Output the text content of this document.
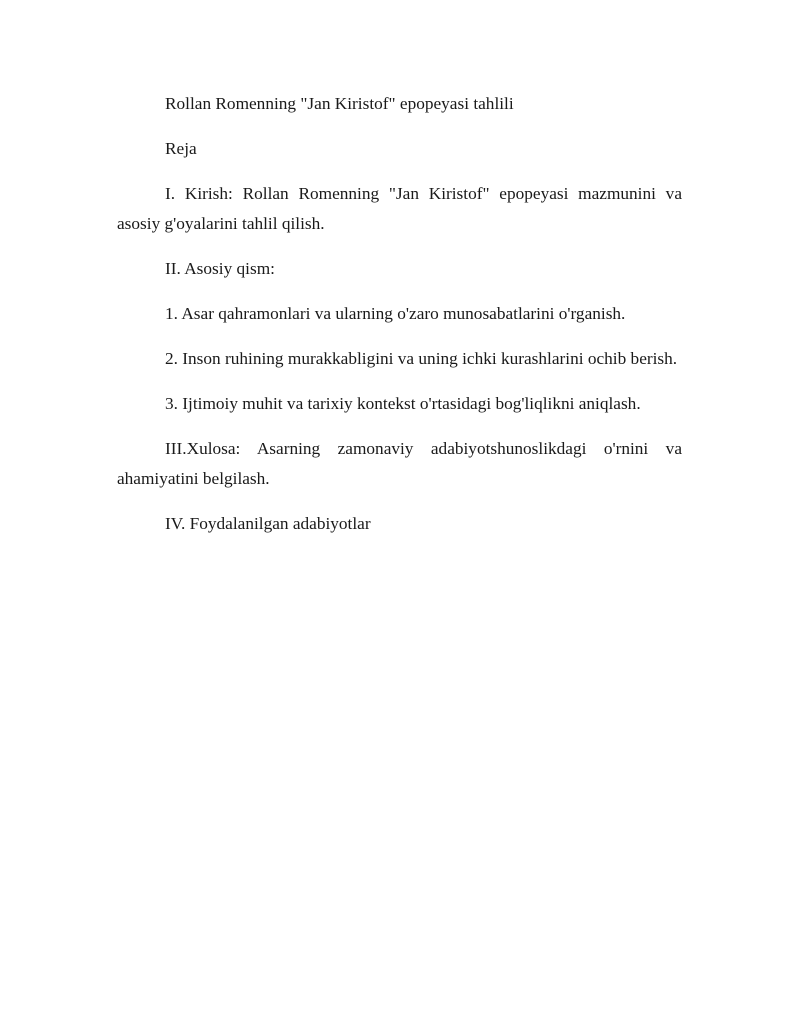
Rollan Romenning "Jan Kiristof" epopeyasi tahlili

Reja

I. Kirish: Rollan Romenning "Jan Kiristof" epopeyasi mazmunini va asosiy g'oyalarini tahlil qilish.

II. Asosiy qism:

1. Asar qahramonlari va ularning o'zaro munosabatlarini o'rganish.

2. Inson ruhining murakkabligini va uning ichki kurashlarini ochib berish.

3. Ijtimoiy muhit va tarixiy kontekst o'rtasidagi bog'liqlikni aniqlash.

III.Xulosa: Asarning zamonaviy adabiyotshunoslikdagi o'rnini va ahamiyatini belgilash.

IV. Foydalanilgan adabiyotlar
